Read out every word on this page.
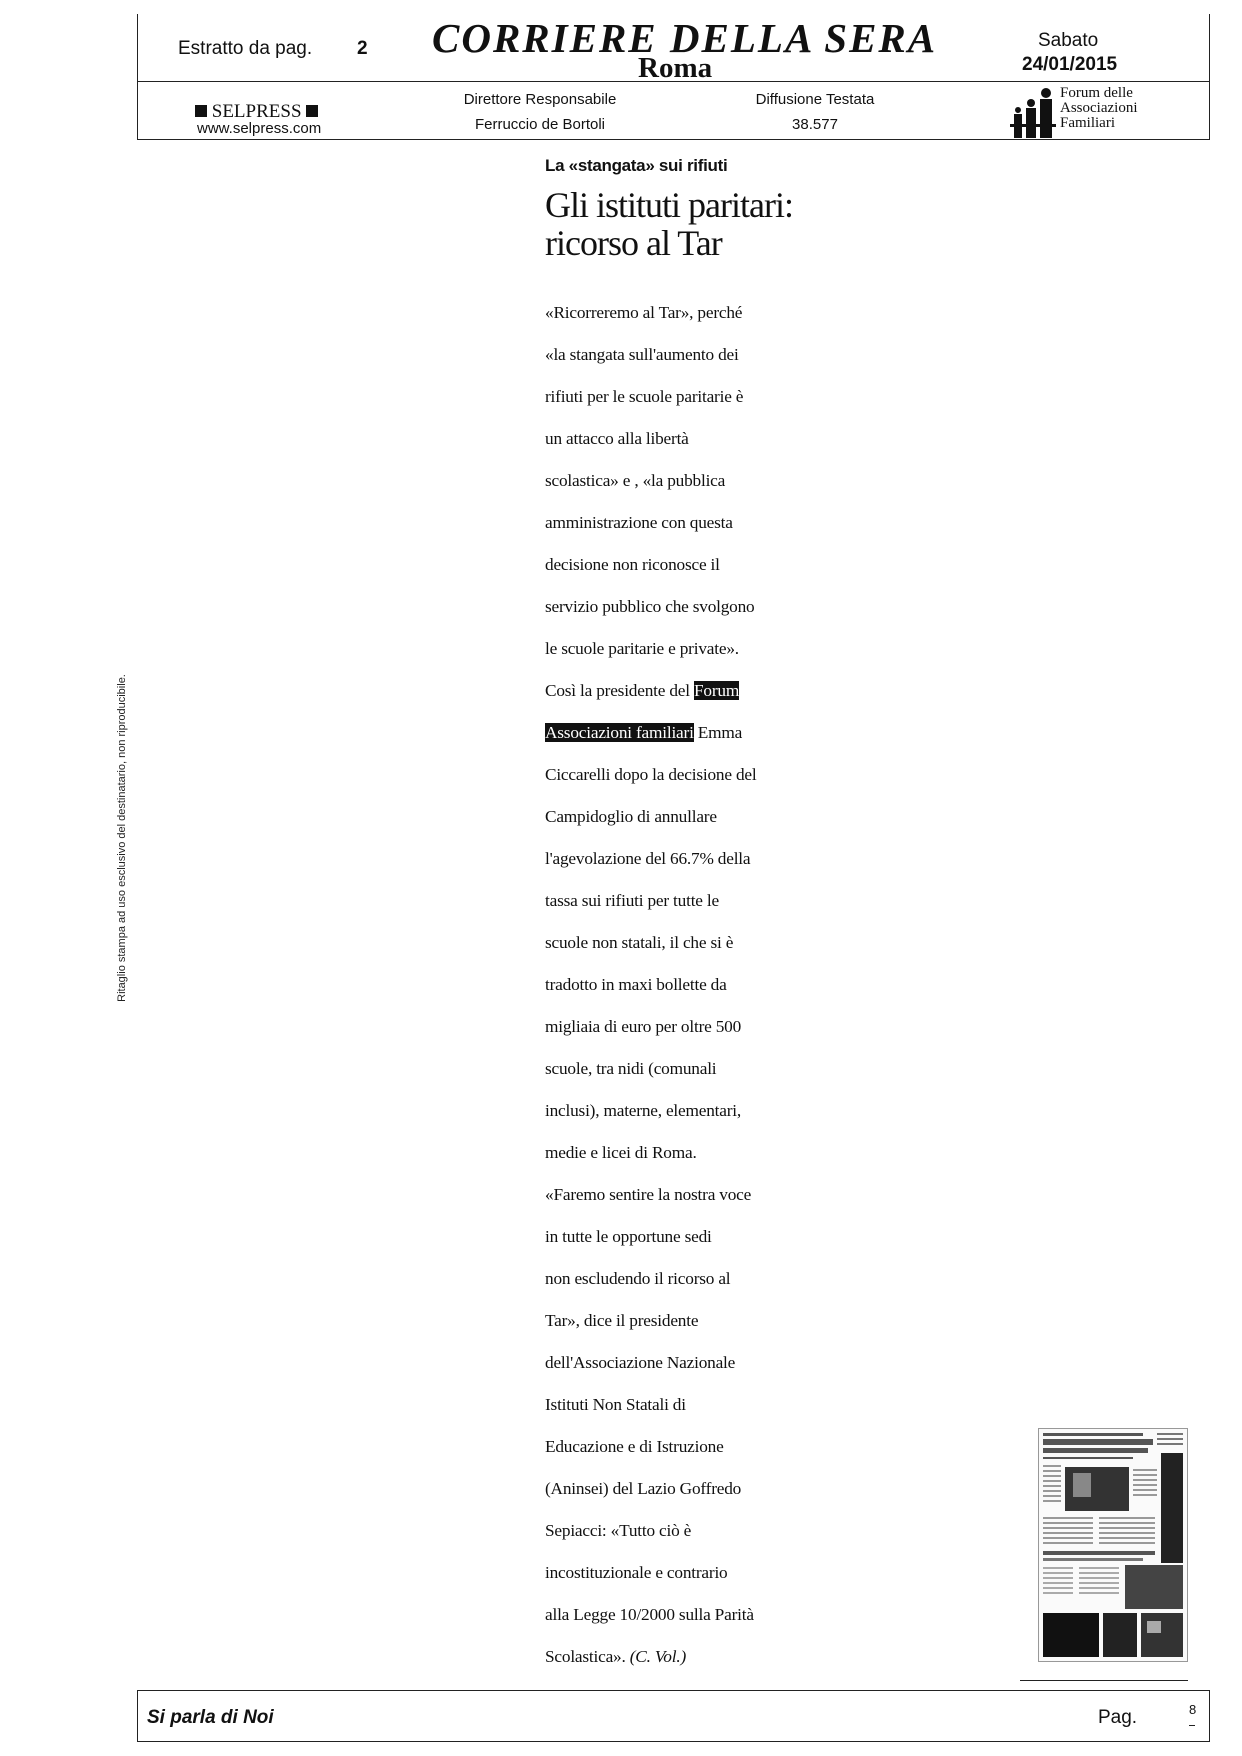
Estratto da pag. 2 CORRIERE DELLA SERA
Roma
Sabato
24/01/2015
SELPRESS
www.selpress.com
Direttore Responsabile
Ferruccio de Bortoli
Diffusione Testata
38.577
Forum delle
Associazioni
Familiari
La «stangata» sui rifiuti
Gli istituti paritari:
ricorso al Tar

«Ricorreremo al Tar», perché

«la stangata sull'aumento dei

rifiuti per le scuole paritarie è

un attacco alla libertà

scolastica» e , «la pubblica

amministrazione con questa

decisione non riconosce il

servizio pubblico che svolgono

le scuole paritarie e private».

Così la presidente del Forum

Associazioni familiari Emma

Ciccarelli dopo la decisione del

Campidoglio di annullare

l'agevolazione del 66.7% della

tassa sui rifiuti per tutte le

scuole non statali, il che si è

tradotto in maxi bollette da

migliaia di euro per oltre 500

scuole, tra nidi (comunali

inclusi), materne, elementari,

medie e licei di Roma.

«Faremo sentire la nostra voce

in tutte le opportune sedi

non escludendo il ricorso al

Tar», dice il presidente

dell'Associazione Nazionale

Istituti Non Statali di

Educazione e di Istruzione

(Aninsei) del Lazio Goffredo

Sepiacci: «Tutto ciò è

incostituzionale e contrario

alla Legge 10/2000 sulla Parità

Scolastica». (C. Vol.)

Ritaglio stampa ad uso esclusivo del destinatario, non riproducibile.
Si parla di Noi	Pag.	8
